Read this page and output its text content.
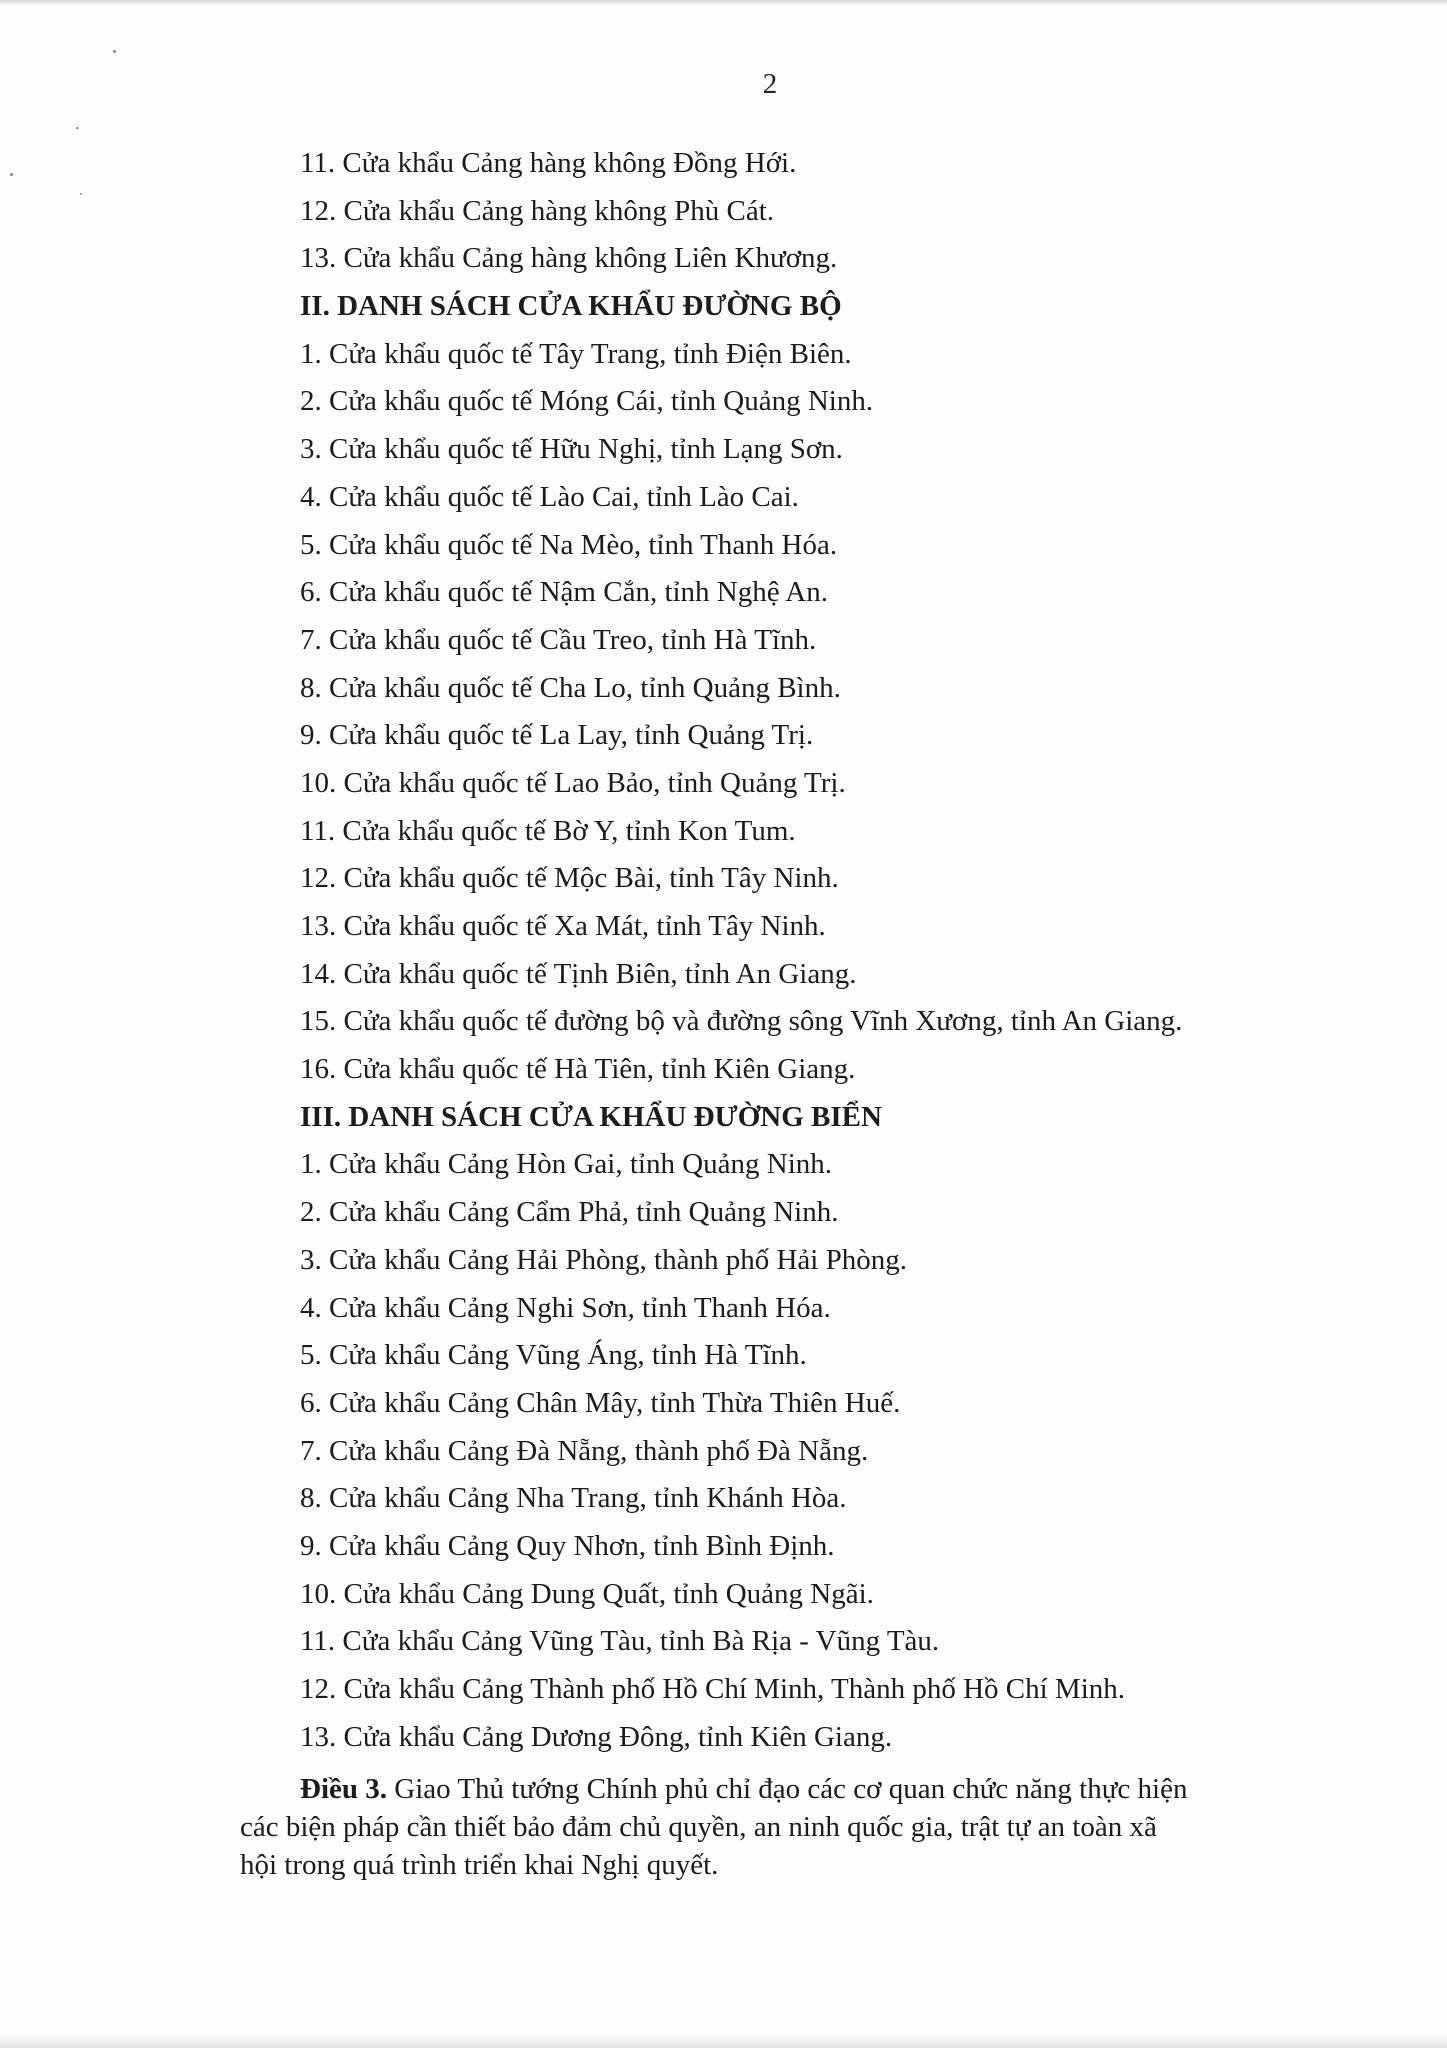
2
11. Cửa khẩu Cảng hàng không Đồng Hới.
12. Cửa khẩu Cảng hàng không Phù Cát.
13. Cửa khẩu Cảng hàng không Liên Khương.
II. DANH SÁCH CỬA KHẨU ĐƯỜNG BỘ
1. Cửa khẩu quốc tế Tây Trang, tỉnh Điện Biên.
2. Cửa khẩu quốc tế Móng Cái, tỉnh Quảng Ninh.
3. Cửa khẩu quốc tế Hữu Nghị, tỉnh Lạng Sơn.
4. Cửa khẩu quốc tế Lào Cai, tỉnh Lào Cai.
5. Cửa khẩu quốc tế Na Mèo, tỉnh Thanh Hóa.
6. Cửa khẩu quốc tế Nậm Cắn, tỉnh Nghệ An.
7. Cửa khẩu quốc tế Cầu Treo, tỉnh Hà Tĩnh.
8. Cửa khẩu quốc tế Cha Lo, tỉnh Quảng Bình.
9. Cửa khẩu quốc tế La Lay, tỉnh Quảng Trị.
10. Cửa khẩu quốc tế Lao Bảo, tỉnh Quảng Trị.
11. Cửa khẩu quốc tế Bờ Y, tỉnh Kon Tum.
12. Cửa khẩu quốc tế Mộc Bài, tỉnh Tây Ninh.
13. Cửa khẩu quốc tế Xa Mát, tỉnh Tây Ninh.
14. Cửa khẩu quốc tế Tịnh Biên, tỉnh An Giang.
15. Cửa khẩu quốc tế đường bộ và đường sông Vĩnh Xương, tỉnh An Giang.
16. Cửa khẩu quốc tế Hà Tiên, tỉnh Kiên Giang.
III. DANH SÁCH CỬA KHẨU ĐƯỜNG BIỂN
1. Cửa khẩu Cảng Hòn Gai, tỉnh Quảng Ninh.
2. Cửa khẩu Cảng Cẩm Phả, tỉnh Quảng Ninh.
3. Cửa khẩu Cảng Hải Phòng, thành phố Hải Phòng.
4. Cửa khẩu Cảng Nghi Sơn, tỉnh Thanh Hóa.
5. Cửa khẩu Cảng Vũng Áng, tỉnh Hà Tĩnh.
6. Cửa khẩu Cảng Chân Mây, tỉnh Thừa Thiên Huế.
7. Cửa khẩu Cảng Đà Nẵng, thành phố Đà Nẵng.
8. Cửa khẩu Cảng Nha Trang, tỉnh Khánh Hòa.
9. Cửa khẩu Cảng Quy Nhơn, tỉnh Bình Định.
10. Cửa khẩu Cảng Dung Quất, tỉnh Quảng Ngãi.
11. Cửa khẩu Cảng Vũng Tàu, tỉnh Bà Rịa - Vũng Tàu.
12. Cửa khẩu Cảng Thành phố Hồ Chí Minh, Thành phố Hồ Chí Minh.
13. Cửa khẩu Cảng Dương Đông, tỉnh Kiên Giang.
Điều 3. Giao Thủ tướng Chính phủ chỉ đạo các cơ quan chức năng thực hiện
các biện pháp cần thiết bảo đảm chủ quyền, an ninh quốc gia, trật tự an toàn xã
hội trong quá trình triển khai Nghị quyết.
